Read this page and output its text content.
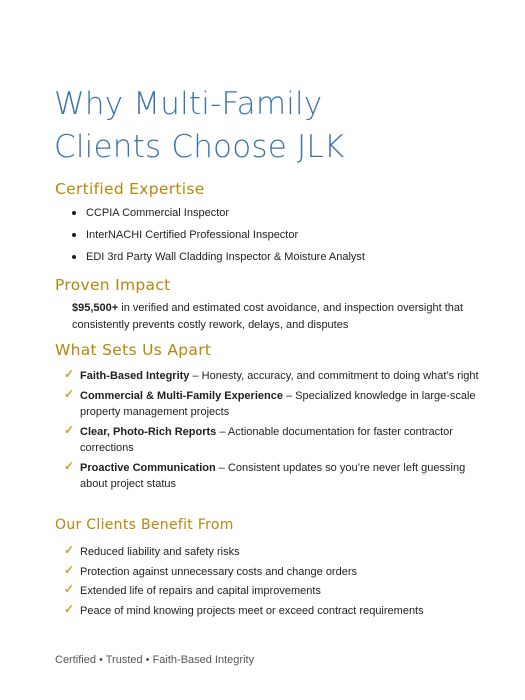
Why Multi-Family
Clients Choose JLK
Certified Expertise
CCPIA Commercial Inspector
InterNACHI Certified Professional Inspector
EDI 3rd Party Wall Cladding Inspector & Moisture Analyst
Proven Impact

$95,500+ in verified and estimated cost avoidance, and inspection oversight that consistently prevents costly rework, delays, and disputes

What Sets Us Apart
✓ Faith-Based Integrity – Honesty, accuracy, and commitment to doing what’s right
✓ Commercial & Multi-Family Experience – Specialized knowledge in large-scale property management projects
✓ Clear, Photo-Rich Reports – Actionable documentation for faster contractor corrections
✓ Proactive Communication – Consistent updates so you’re never left guessing about project status
Our Clients Benefit From
✓ Reduced liability and safety risks
✓ Protection against unnecessary costs and change orders
✓ Extended life of repairs and capital improvements
✓ Peace of mind knowing projects meet or exceed contract requirements

Certified • Trusted • Faith-Based Integrity
